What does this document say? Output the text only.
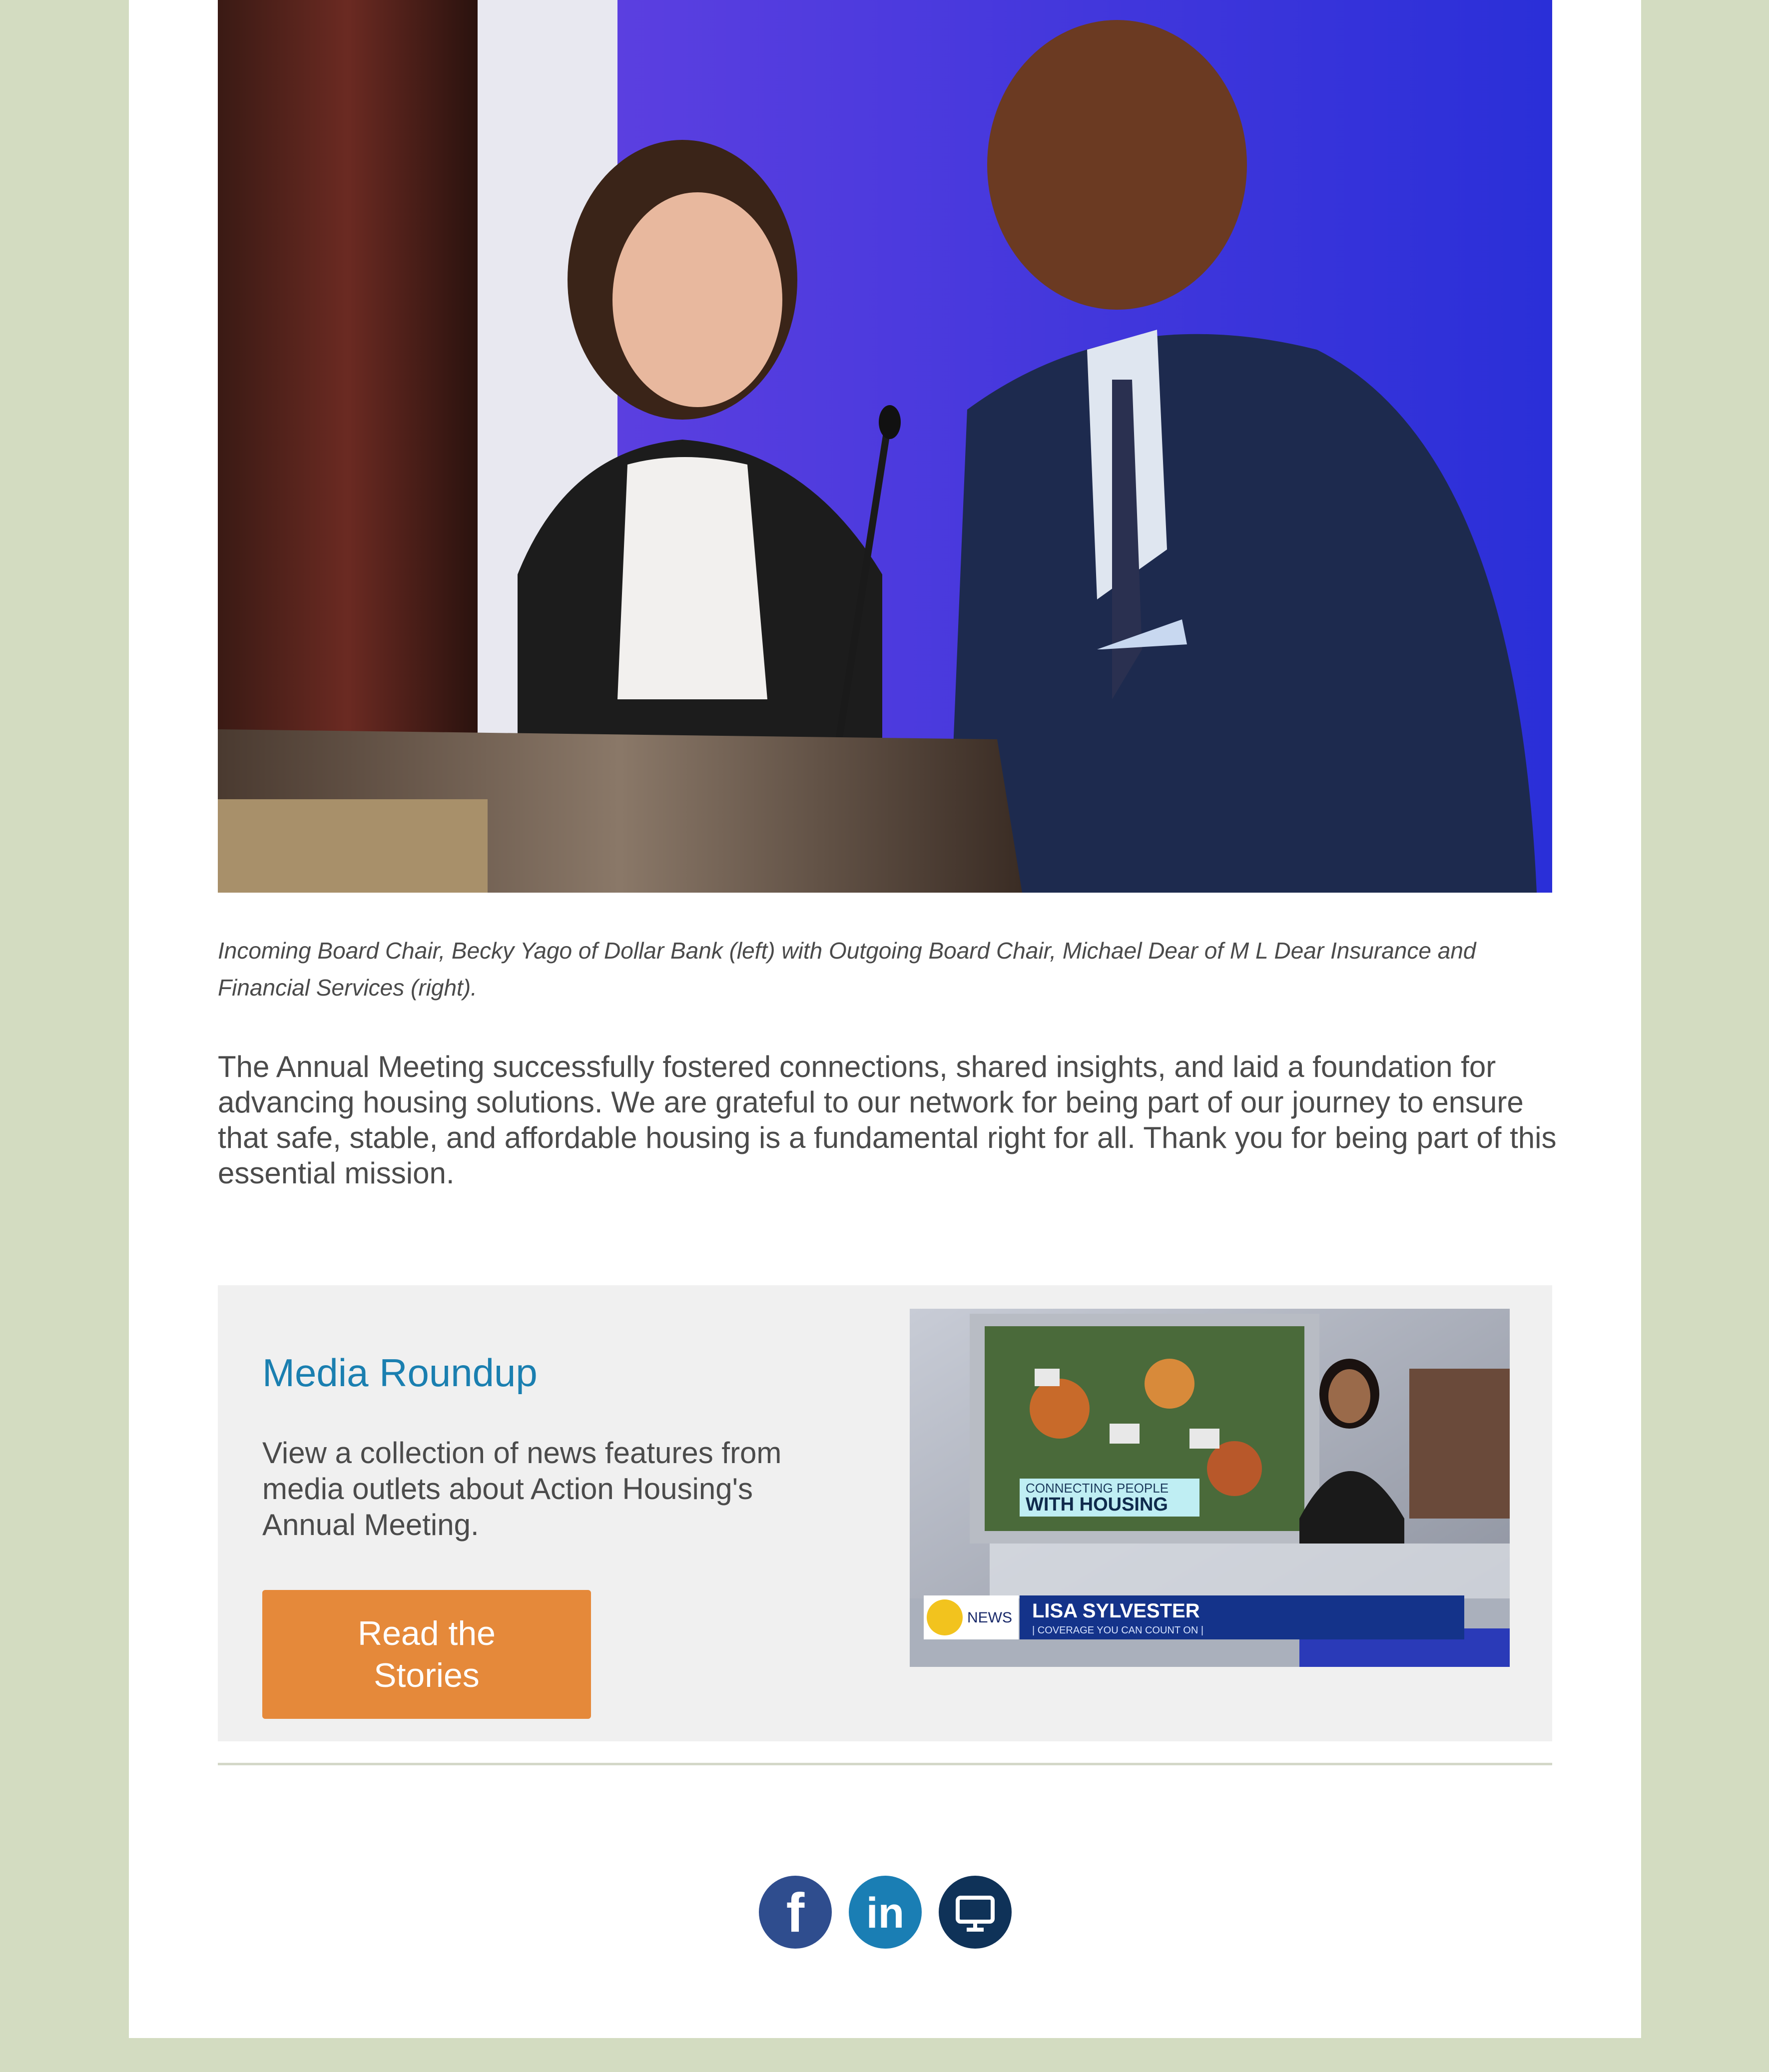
Incoming Board Chair, Becky Yago of Dollar Bank (left) with Outgoing Board Chair, Michael Dear of M L Dear Insurance and Financial Services (right).
The Annual Meeting successfully fostered connections, shared insights, and laid a foundation for advancing housing solutions. We are grateful to our network for being part of our journey to ensure that safe, stable, and affordable housing is a fundamental right for all. Thank you for being part of this essential mission.
Media Roundup
View a collection of news features from media outlets about Action Housing's Annual Meeting.
Read the Stories
CONNECTING PEOPLE
WITH HOUSING
NEWS LISA SYLVESTER
| COVERAGE YOU CAN COUNT ON |
f in
